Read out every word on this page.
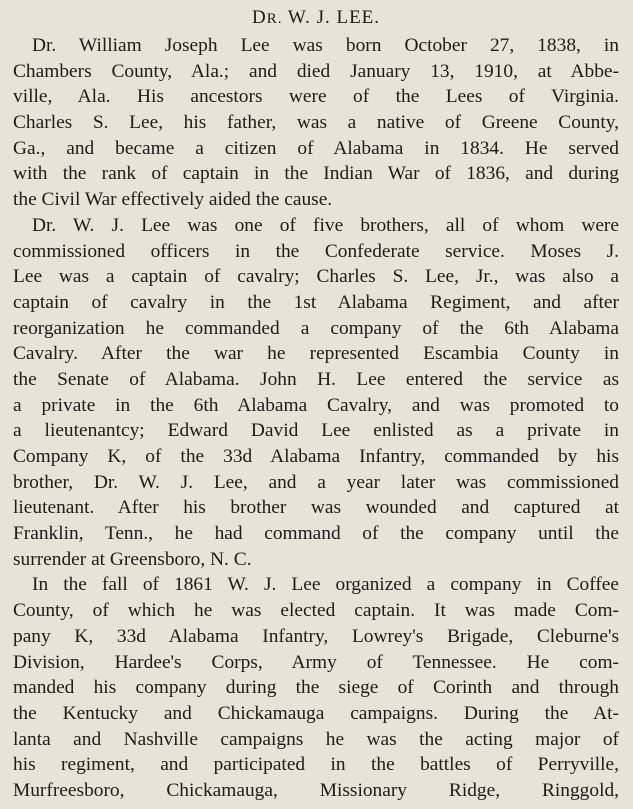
DR. W. J. LEE.

Dr. William Joseph Lee was born October 27, 1838, in
Chambers County, Ala.; and died January 13, 1910, at Abbe-
ville, Ala. His ancestors were of the Lees of Virginia.
Charles S. Lee, his father, was a native of Greene County,
Ga., and became a citizen of Alabama in 1834. He served
with the rank of captain in the Indian War of 1836, and during
the Civil War effectively aided the cause.

Dr. W. J. Lee was one of five brothers, all of whom were
commissioned officers in the Confederate service. Moses J.
Lee was a captain of cavalry; Charles S. Lee, Jr., was also a
captain of cavalry in the 1st Alabama Regiment, and after
reorganization he commanded a company of the 6th Alabama
Cavalry. After the war he represented Escambia County in
the Senate of Alabama. John H. Lee entered the service as
a private in the 6th Alabama Cavalry, and was promoted to
a lieutenantcy; Edward David Lee enlisted as a private in
Company K, of the 33d Alabama Infantry, commanded by his
brother, Dr. W. J. Lee, and a year later was commissioned
lieutenant. After his brother was wounded and captured at
Franklin, Tenn., he had command of the company until the
surrender at Greensboro, N. C.

In the fall of 1861 W. J. Lee organized a company in Coffee
County, of which he was elected captain. It was made Com-
pany K, 33d Alabama Infantry, Lowrey's Brigade, Cleburne's
Division, Hardee's Corps, Army of Tennessee. He com-
manded his company during the siege of Corinth and through
the Kentucky and Chickamauga campaigns. During the At-
lanta and Nashville campaigns he was the acting major of
his regiment, and participated in the battles of Perryville,
Murfreesboro, Chickamauga, Missionary Ridge, Ringgold,
